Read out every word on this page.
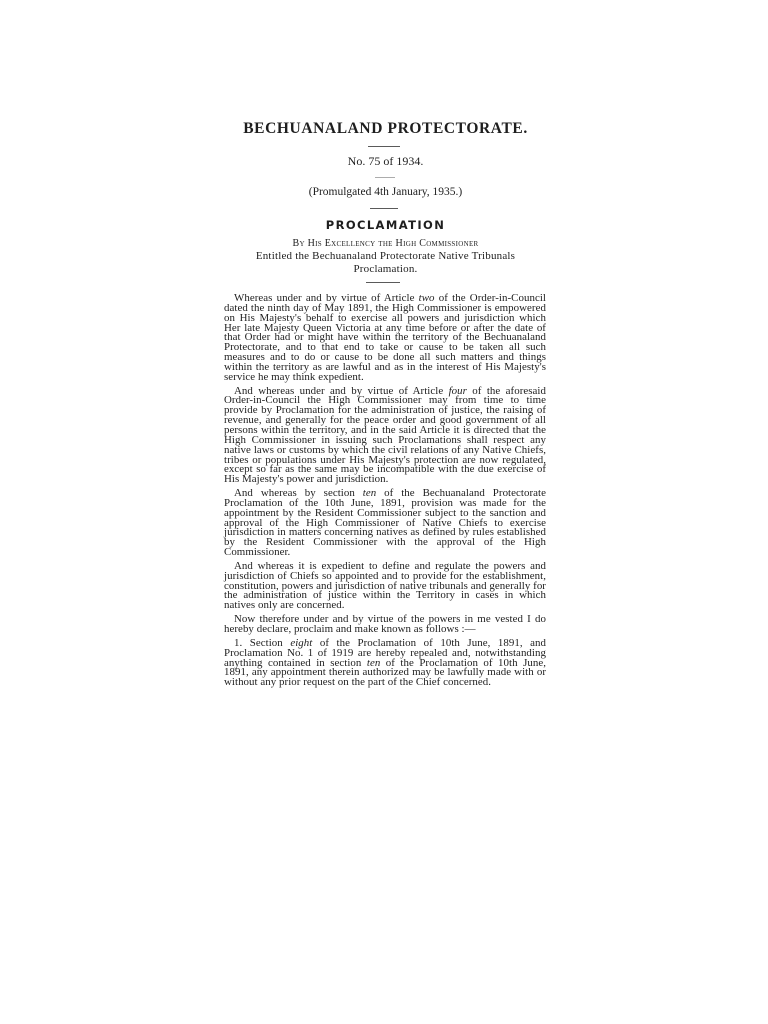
BECHUANALAND PROTECTORATE.
No. 75 of 1934.
(Promulgated 4th January, 1935.)
PROCLAMATION
By His Excellency the High Commissioner
Entitled the Bechuanaland Protectorate Native Tribunals
Proclamation.

Whereas under and by virtue of Article two of the Order-in-Council dated the ninth day of May 1891, the High Commissioner is empowered on His Majesty's behalf to exercise all powers and jurisdiction which Her late Majesty Queen Victoria at any time before or after the date of that Order had or might have within the territory of the Bechuanaland Protectorate, and to that end to take or cause to be taken all such measures and to do or cause to be done all such matters and things within the territory as are lawful and as in the interest of His Majesty's service he may think expedient.

And whereas under and by virtue of Article four of the aforesaid Order-in-Council the High Commissioner may from time to time provide by Proclamation for the administration of justice, the raising of revenue, and generally for the peace order and good government of all persons within the territory, and in the said Article it is directed that the High Commissioner in issuing such Proclamations shall respect any native laws or customs by which the civil relations of any Native Chiefs, tribes or populations under His Majesty's protection are now regulated, except so far as the same may be incompatible with the due exercise of His Majesty's power and jurisdiction.

And whereas by section ten of the Bechuanaland Protectorate Proclamation of the 10th June, 1891, provision was made for the appointment by the Resident Commissioner subject to the sanction and approval of the High Commissioner of Native Chiefs to exercise jurisdiction in matters concerning natives as defined by rules established by the Resident Commissioner with the approval of the High Commissioner.

And whereas it is expedient to define and regulate the powers and jurisdiction of Chiefs so appointed and to provide for the establishment, constitution, powers and jurisdiction of native tribunals and generally for the administration of justice within the Territory in cases in which natives only are concerned.

Now therefore under and by virtue of the powers in me vested I do hereby declare, proclaim and make known as follows :—

1. Section eight of the Proclamation of 10th June, 1891, and Proclamation No. 1 of 1919 are hereby repealed and, notwithstanding anything contained in section ten of the Proclamation of 10th June, 1891, any appointment therein authorized may be lawfully made with or without any prior request on the part of the Chief concerned.
